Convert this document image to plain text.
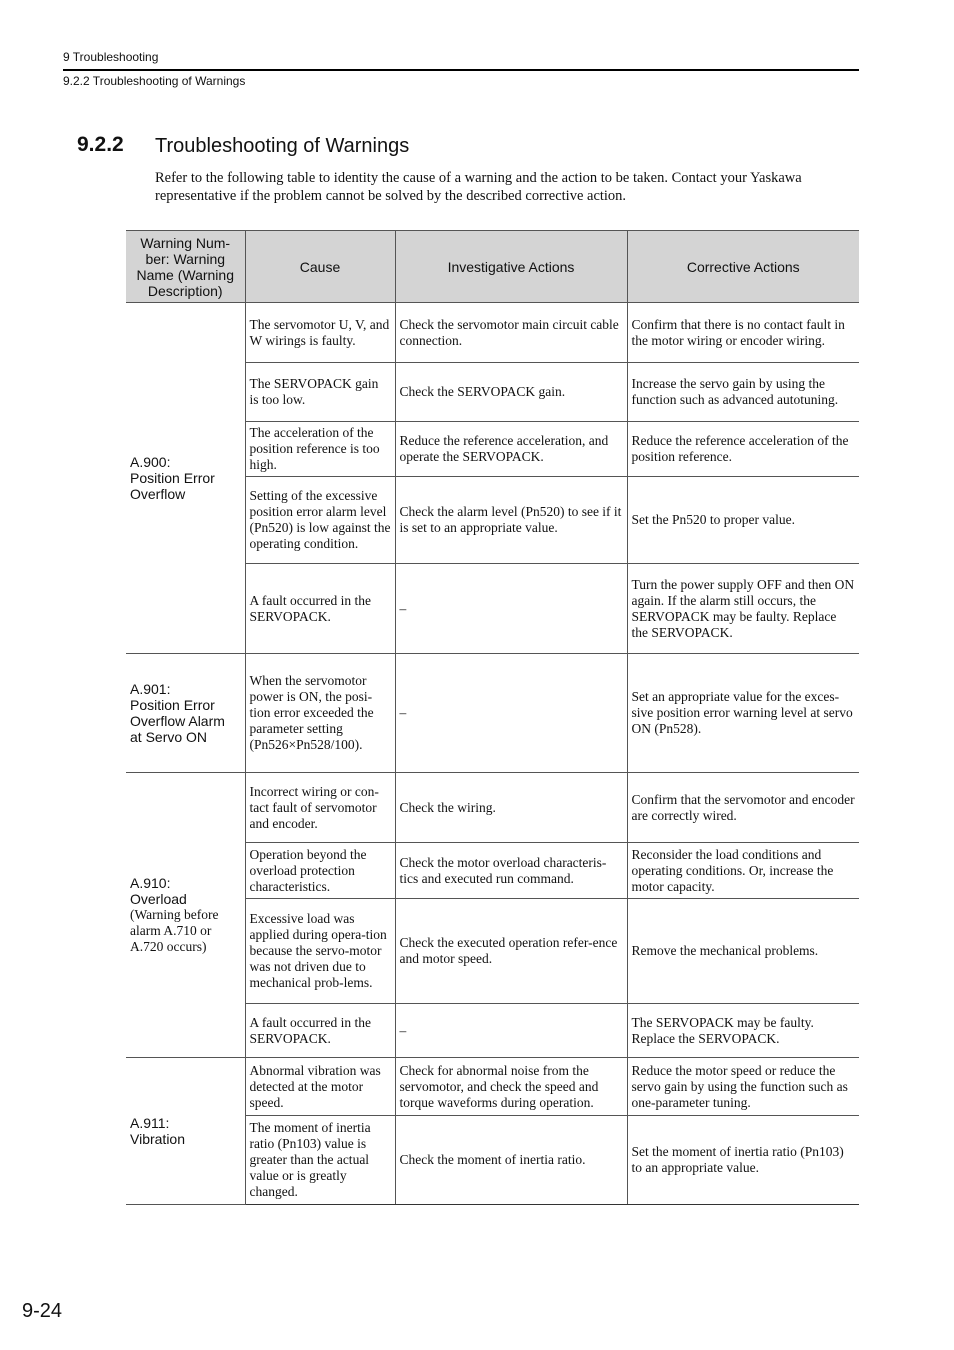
9 Troubleshooting
9.2.2 Troubleshooting of Warnings
9.2.2 Troubleshooting of Warnings
Refer to the following table to identity the cause of a warning and the action to be taken. Contact your Yaskawa representative if the problem cannot be solved by the described corrective action.
Warning Num-
ber: Warning
Name (Warning
Description)	Cause	Investigative Actions	Corrective Actions
A.900:
Position Error
Overflow	The servomotor U, V, and W wirings is faulty.	Check the servomotor main circuit cable connection.	Confirm that there is no contact fault in the motor wiring or encoder wiring.
	The SERVOPACK gain is too low.	Check the SERVOPACK gain.	Increase the servo gain by using the function such as advanced autotuning.
	The acceleration of the position reference is too high.	Reduce the reference acceleration, and operate the SERVOPACK.	Reduce the reference acceleration of the position reference.
	Setting of the excessive position error alarm level (Pn520) is low against the operating condition.	Check the alarm level (Pn520) to see if it is set to an appropriate value.	Set the Pn520 to proper value.
	A fault occurred in the SERVOPACK.	–	Turn the power supply OFF and then ON again. If the alarm still occurs, the SERVOPACK may be faulty. Replace the SERVOPACK.
A.901:
Position Error
Overflow Alarm
at Servo ON	When the servomotor power is ON, the posi-tion error exceeded the parameter setting (Pn526×Pn528/100).	–	Set an appropriate value for the exces-sive position error warning level at servo ON (Pn528).
A.910:
Overload
(Warning before alarm A.710 or A.720 occurs)	Incorrect wiring or con-tact fault of servomotor and encoder.	Check the wiring.	Confirm that the servomotor and encoder are correctly wired.
	Operation beyond the overload protection characteristics.	Check the motor overload characteris-tics and executed run command.	Reconsider the load conditions and operating conditions. Or, increase the motor capacity.
	Excessive load was applied during opera-tion because the servo-motor was not driven due to mechanical prob-lems.	Check the executed operation refer-ence and motor speed.	Remove the mechanical problems.
	A fault occurred in the SERVOPACK.	–	The SERVOPACK may be faulty. Replace the SERVOPACK.
A.911:
Vibration	Abnormal vibration was detected at the motor speed.	Check for abnormal noise from the servomotor, and check the speed and torque waveforms during operation.	Reduce the motor speed or reduce the servo gain by using the function such as one-parameter tuning.
	The moment of inertia ratio (Pn103) value is greater than the actual value or is greatly changed.	Check the moment of inertia ratio.	Set the moment of inertia ratio (Pn103) to an appropriate value.
9-24
